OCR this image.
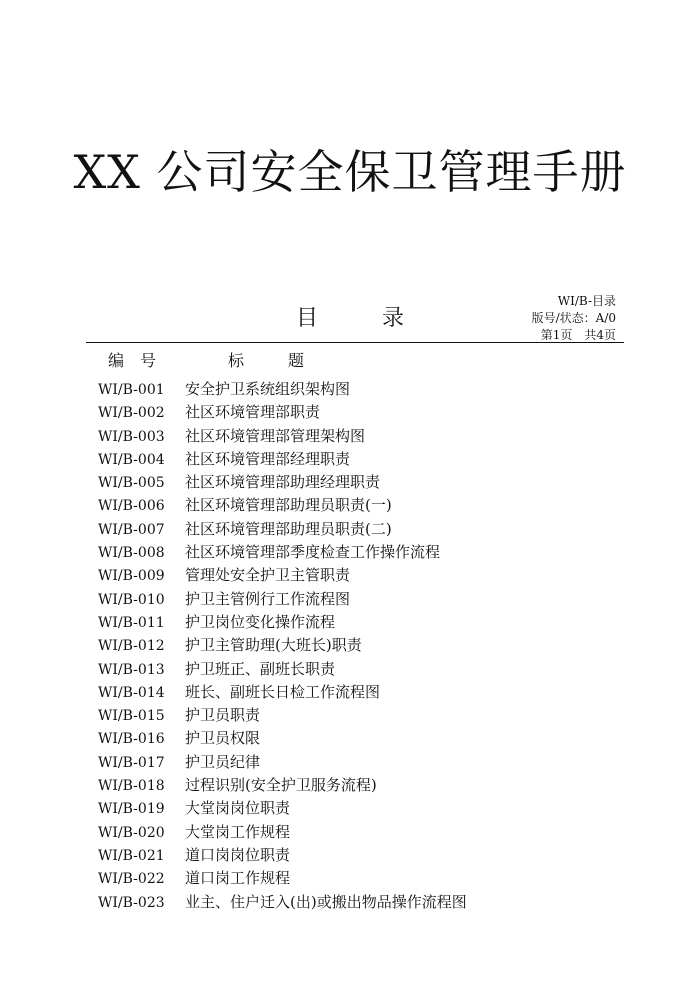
XX 公司安全保卫管理手册
目	录
WI/B-目录
版号/状态：A/0
第1页　共4页
编 号	标	题
WI/B-001 安全护卫系统组织架构图
WI/B-002 社区环境管理部职责
WI/B-003 社区环境管理部管理架构图
WI/B-004 社区环境管理部经理职责
WI/B-005 社区环境管理部助理经理职责
WI/B-006 社区环境管理部助理员职责(一)
WI/B-007 社区环境管理部助理员职责(二)
WI/B-008 社区环境管理部季度检查工作操作流程
WI/B-009 管理处安全护卫主管职责
WI/B-010 护卫主管例行工作流程图
WI/B-011 护卫岗位变化操作流程
WI/B-012 护卫主管助理(大班长)职责
WI/B-013 护卫班正、副班长职责
WI/B-014 班长、副班长日检工作流程图
WI/B-015 护卫员职责
WI/B-016 护卫员权限
WI/B-017 护卫员纪律
WI/B-018 过程识别(安全护卫服务流程)
WI/B-019 大堂岗岗位职责
WI/B-020 大堂岗工作规程
WI/B-021 道口岗岗位职责
WI/B-022 道口岗工作规程
WI/B-023 业主、住户迁入(出)或搬出物品操作流程图
